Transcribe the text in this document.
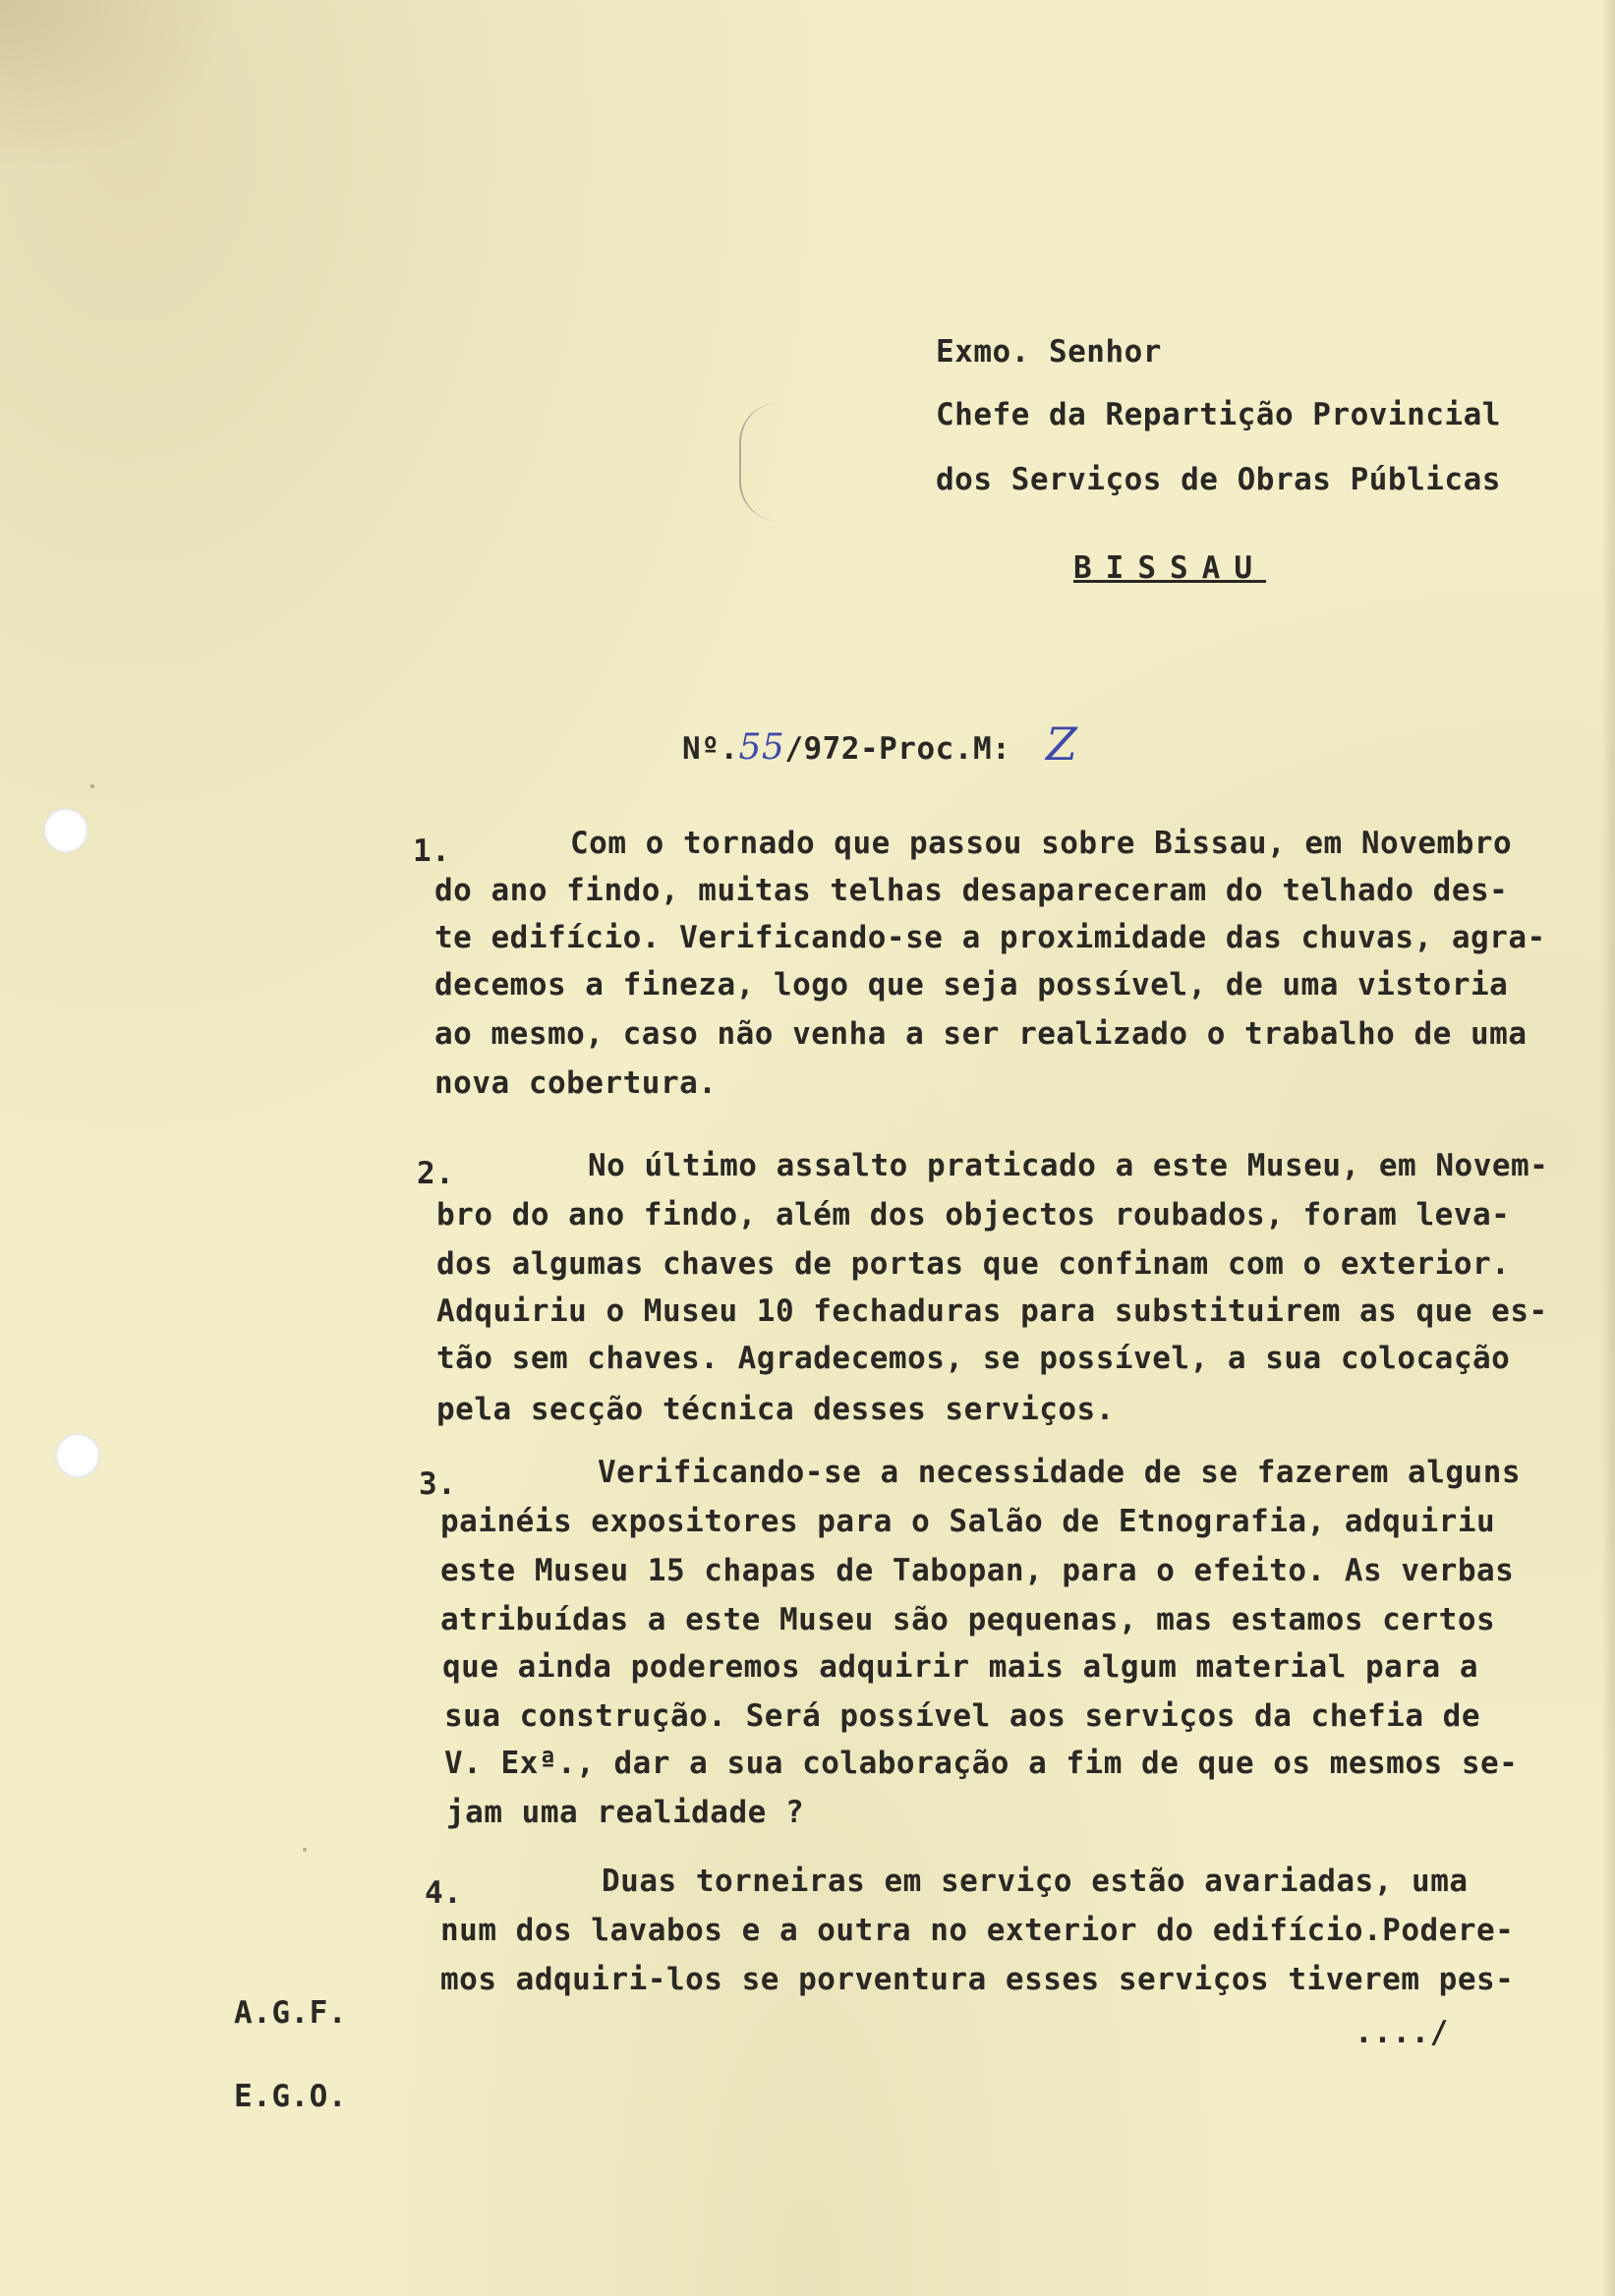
Exmo. Senhor
Chefe da Repartição Provincial
dos Serviços de Obras Públicas
BISSAU
Nº.55/972-Proc.M: Z
1.	Com o tornado que passou sobre Bissau, em Novembro
do ano findo, muitas telhas desapareceram do telhado des-
te edifício. Verificando-se a proximidade das chuvas, agra-
decemos a fineza, logo que seja possível, de uma vistoria
ao mesmo, caso não venha a ser realizado o trabalho de uma
nova cobertura.
2.	No último assalto praticado a este Museu, em Novem-
bro do ano findo, além dos objectos roubados, foram leva-
dos algumas chaves de portas que confinam com o exterior.
Adquiriu o Museu 10 fechaduras para substituirem as que es-
tão sem chaves. Agradecemos, se possível, a sua colocação
pela secção técnica desses serviços.
3.	Verificando-se a necessidade de se fazerem alguns
painéis expositores para o Salão de Etnografia, adquiriu
este Museu 15 chapas de Tabopan, para o efeito. As verbas
atribuídas a este Museu são pequenas, mas estamos certos
que ainda poderemos adquirir mais algum material para a
sua construção. Será possível aos serviços da chefia de
V. Exª., dar a sua colaboração a fim de que os mesmos se-
jam uma realidade ?
4.	Duas torneiras em serviço estão avariadas, uma
num dos lavabos e a outra no exterior do edifício.Podere-
mos adquiri-los se porventura esses serviços tiverem pes-
..../
A.G.F.
E.G.O.
